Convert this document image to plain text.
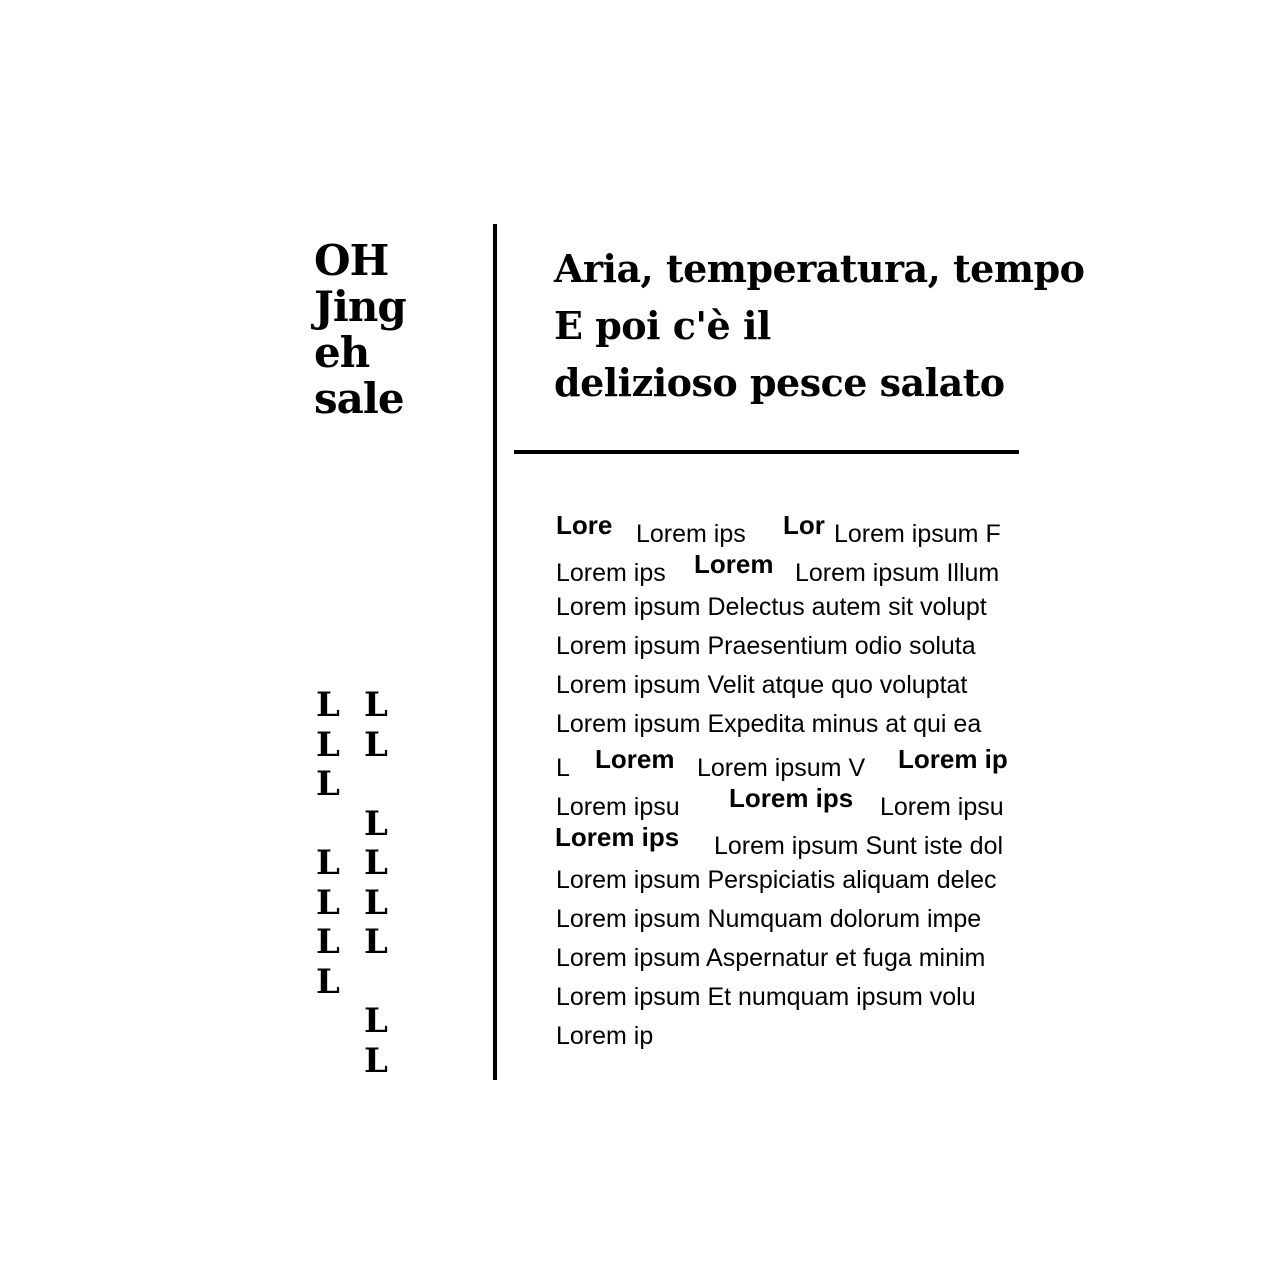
OH
Jing
eh
sale
Aria, temperatura, tempo
E poi c'è il
delizioso pesce salato
L
L
L
L
L
L
L
L
L
L
L
L
L
L
L
Lore Lorem ips Lor Lorem ipsum F
Lorem ips Lorem Lorem ipsum Illum
Lorem ipsum Delectus autem sit volupt
Lorem ipsum Praesentium odio soluta
Lorem ipsum Velit atque quo voluptat
Lorem ipsum Expedita minus at qui ea
L Lorem Lorem ipsum V Lorem ip
Lorem ipsu Lorem ips Lorem ipsu
Lorem ips Lorem ipsum Sunt iste dol
Lorem ipsum Perspiciatis aliquam delec
Lorem ipsum Numquam dolorum impe
Lorem ipsum Aspernatur et fuga minim
Lorem ipsum Et numquam ipsum volu
Lorem ip
